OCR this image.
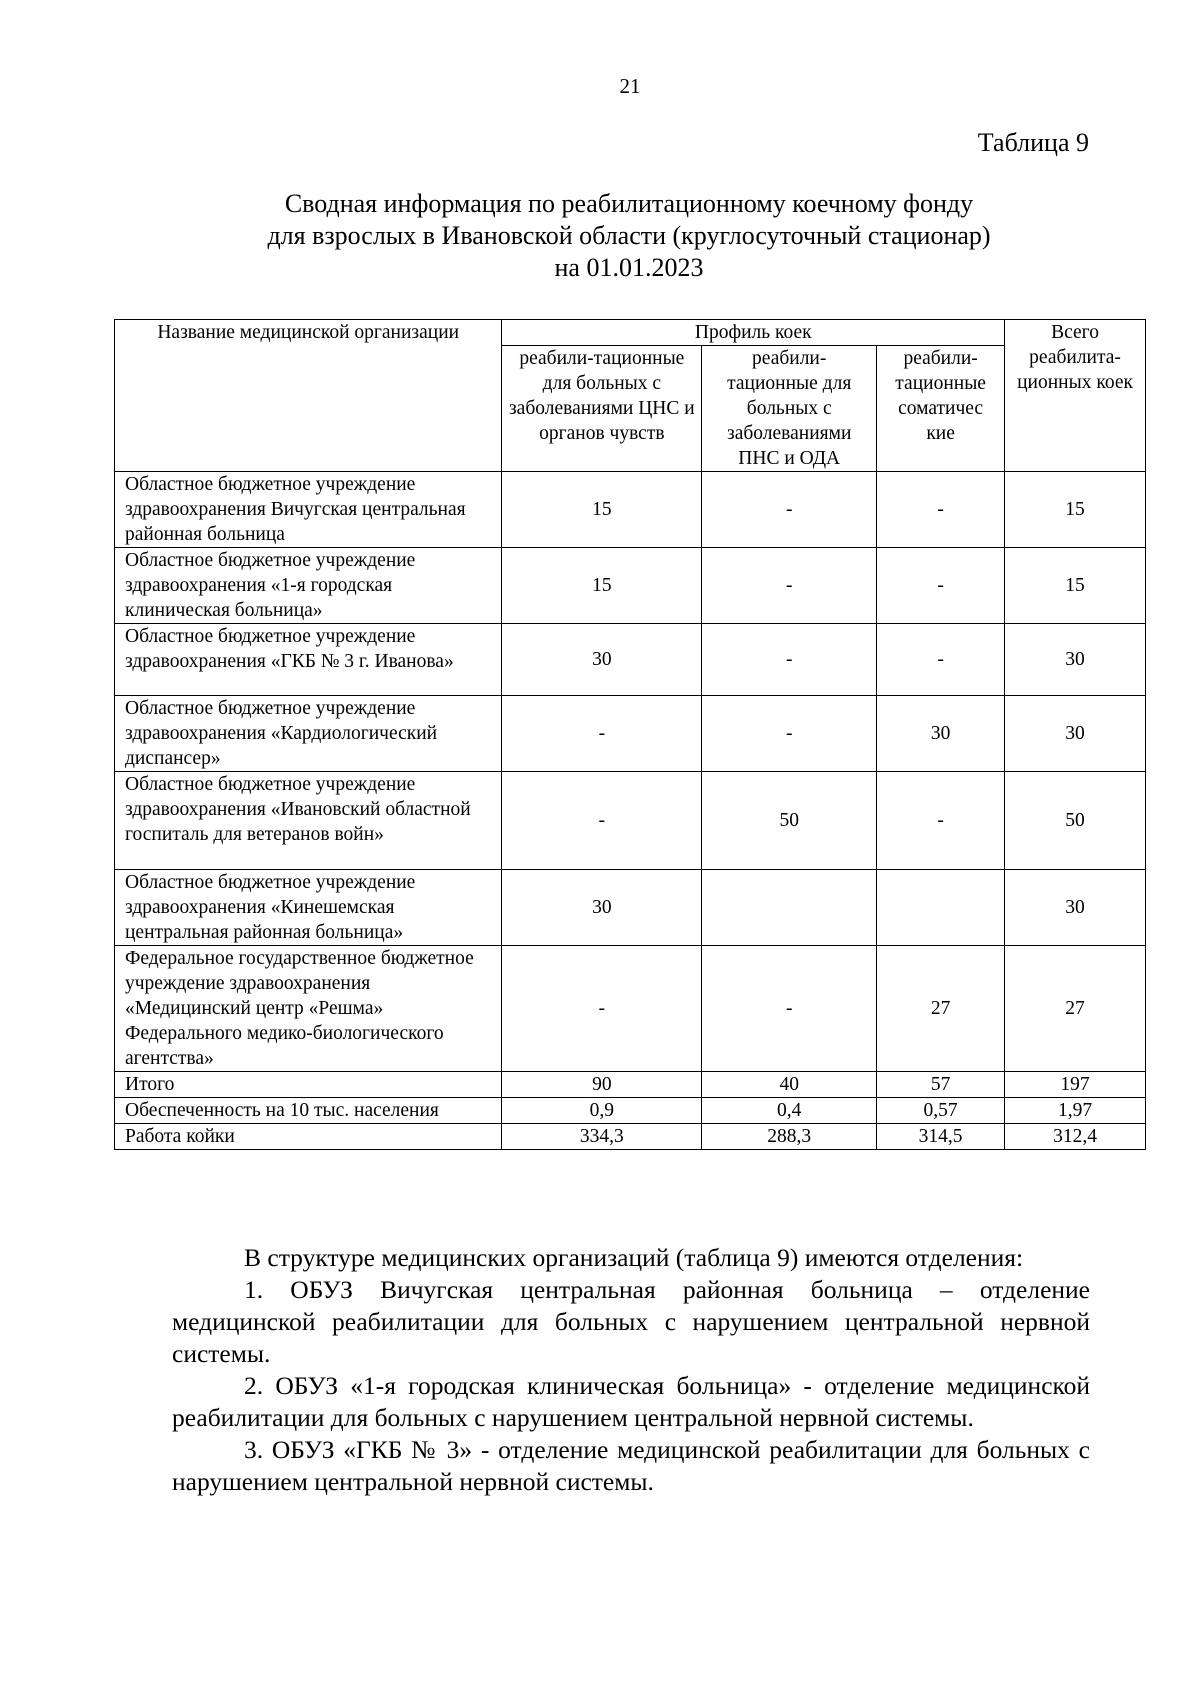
21
Таблица 9
Сводная информация по реабилитационному коечному фонду
для взрослых в Ивановской области (круглосуточный стационар)
на 01.01.2023
Название медицинской организации	Профиль коек			Всего реабилита-ционных коек
	реабили-тационные для больных с заболеваниями ЦНС и органов чувств	реабили-тационные для больных с заболеваниями ПНС и ОДА	реабили-тационные соматичес кие	
Областное бюджетное учреждение здравоохранения Вичугская центральная районная больница	15	-	-	15
Областное бюджетное учреждение здравоохранения «1-я городская клиническая больница»	15	-	-	15
Областное бюджетное учреждение здравоохранения «ГКБ № 3 г. Иванова»	30	-	-	30
Областное бюджетное учреждение здравоохранения «Кардиологический диспансер»	-	-	30	30
Областное бюджетное учреждение здравоохранения «Ивановский областной госпиталь для ветеранов войн»	-	50	-	50
Областное бюджетное учреждение здравоохранения «Кинешемская центральная районная больница»	30			30
Федеральное государственное бюджетное учреждение здравоохранения «Медицинский центр «Решма» Федерального медико-биологического агентства»	-	-	27	27
Итого	90	40	57	197
Обеспеченность на 10 тыс. населения	0,9	0,4	0,57	1,97
Работа койки	334,3	288,3	314,5	312,4

В структуре медицинских организаций (таблица 9) имеются отделения:

1. ОБУЗ Вичугская центральная районная больница – отделение медицинской реабилитации для больных с нарушением центральной нервной системы.

2. ОБУЗ «1-я городская клиническая больница» - отделение медицинской реабилитации для больных с нарушением центральной нервной системы.

3. ОБУЗ «ГКБ № 3» - отделение медицинской реабилитации для больных с нарушением центральной нервной системы.
